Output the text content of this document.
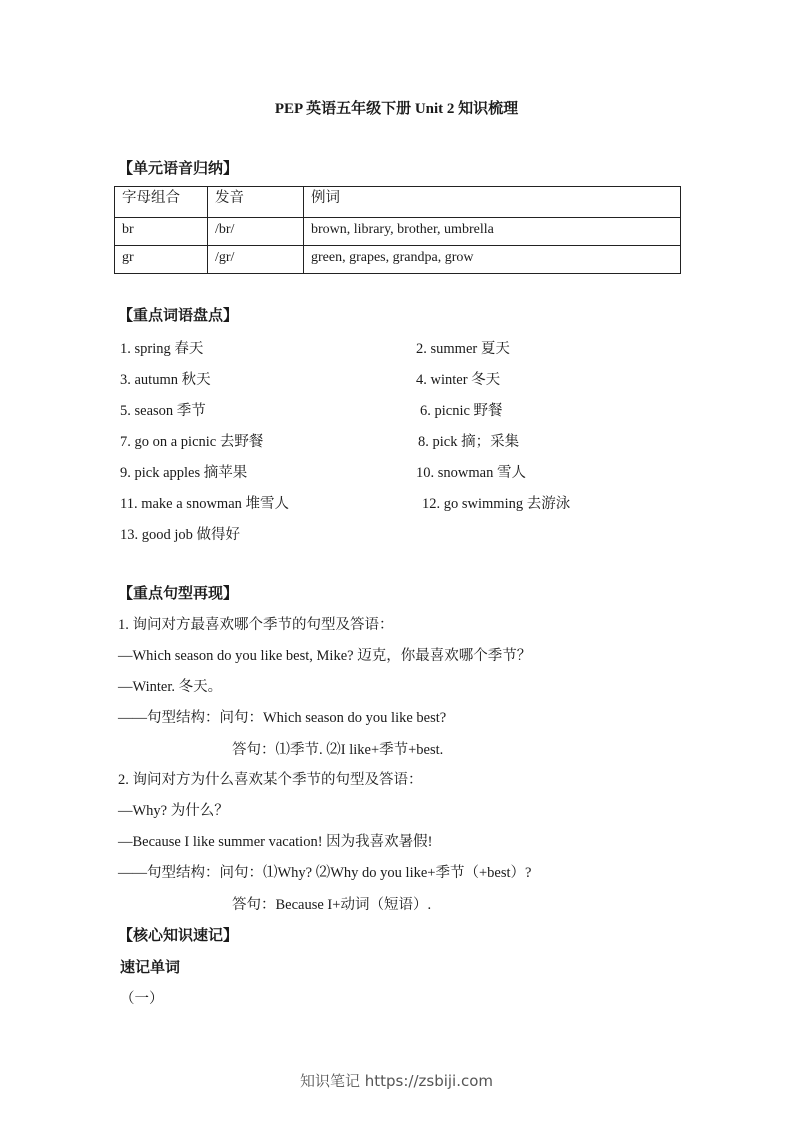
PEP 英语五年级下册 Unit 2 知识梳理
【单元语音归纳】
字母组合	发音	例词
br	/br/	brown, library, brother, umbrella
gr	/gr/	green, grapes, grandpa, grow
【重点词语盘点】
1. spring 春天	2. summer 夏天
3. autumn 秋天	4. winter 冬天
5. season 季节	6. picnic 野餐
7. go on a picnic 去野餐	8. pick 摘；采集
9. pick apples 摘苹果	10. snowman 雪人
11. make a snowman 堆雪人	12. go swimming 去游泳
13. good job 做得好
【重点句型再现】
1. 询问对方最喜欢哪个季节的句型及答语：
—Which season do you like best, Mike? 迈克，你最喜欢哪个季节？
—Winter. 冬天。
——句型结构：问句：Which season do you like best?
答句：⑴季节. ⑵I like+季节+best.
2. 询问对方为什么喜欢某个季节的句型及答语：
—Why? 为什么？
—Because I like summer vacation! 因为我喜欢暑假!
——句型结构：问句：⑴Why? ⑵Why do you like+季节（+best）?
答句：Because I+动词（短语）.
【核心知识速记】
速记单词
（一）
知识笔记 https://zsbiji.com
